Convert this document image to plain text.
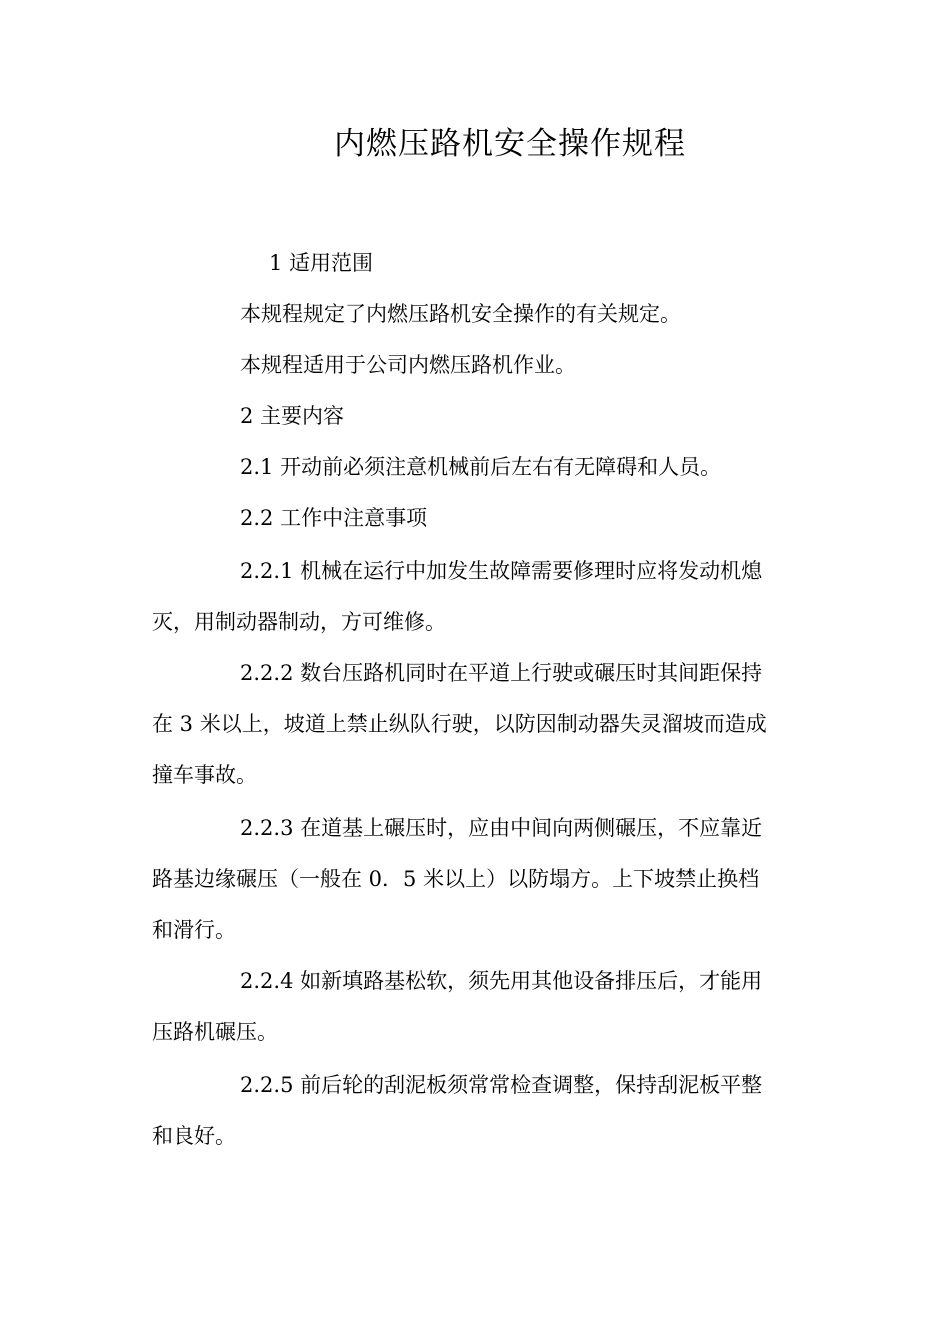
内燃压路机安全操作规程
1 适用范围
本规程规定了内燃压路机安全操作的有关规定。
本规程适用于公司内燃压路机作业。
2 主要内容
2.1 开动前必须注意机械前后左右有无障碍和人员。
2.2 工作中注意事项
2.2.1 机械在运行中加发生故障需要修理时应将发动机熄
灭，用制动器制动，方可维修。
2.2.2 数台压路机同时在平道上行驶或碾压时其间距保持
在 3 米以上，坡道上禁止纵队行驶，以防因制动器失灵溜坡而造成
撞车事故。
2.2.3 在道基上碾压时，应由中间向两侧碾压，不应靠近
路基边缘碾压（一般在 0．5 米以上）以防塌方。上下坡禁止换档
和滑行。
2.2.4 如新填路基松软，须先用其他设备排压后，才能用
压路机碾压。
2.2.5 前后轮的刮泥板须常常检查调整，保持刮泥板平整
和良好。
